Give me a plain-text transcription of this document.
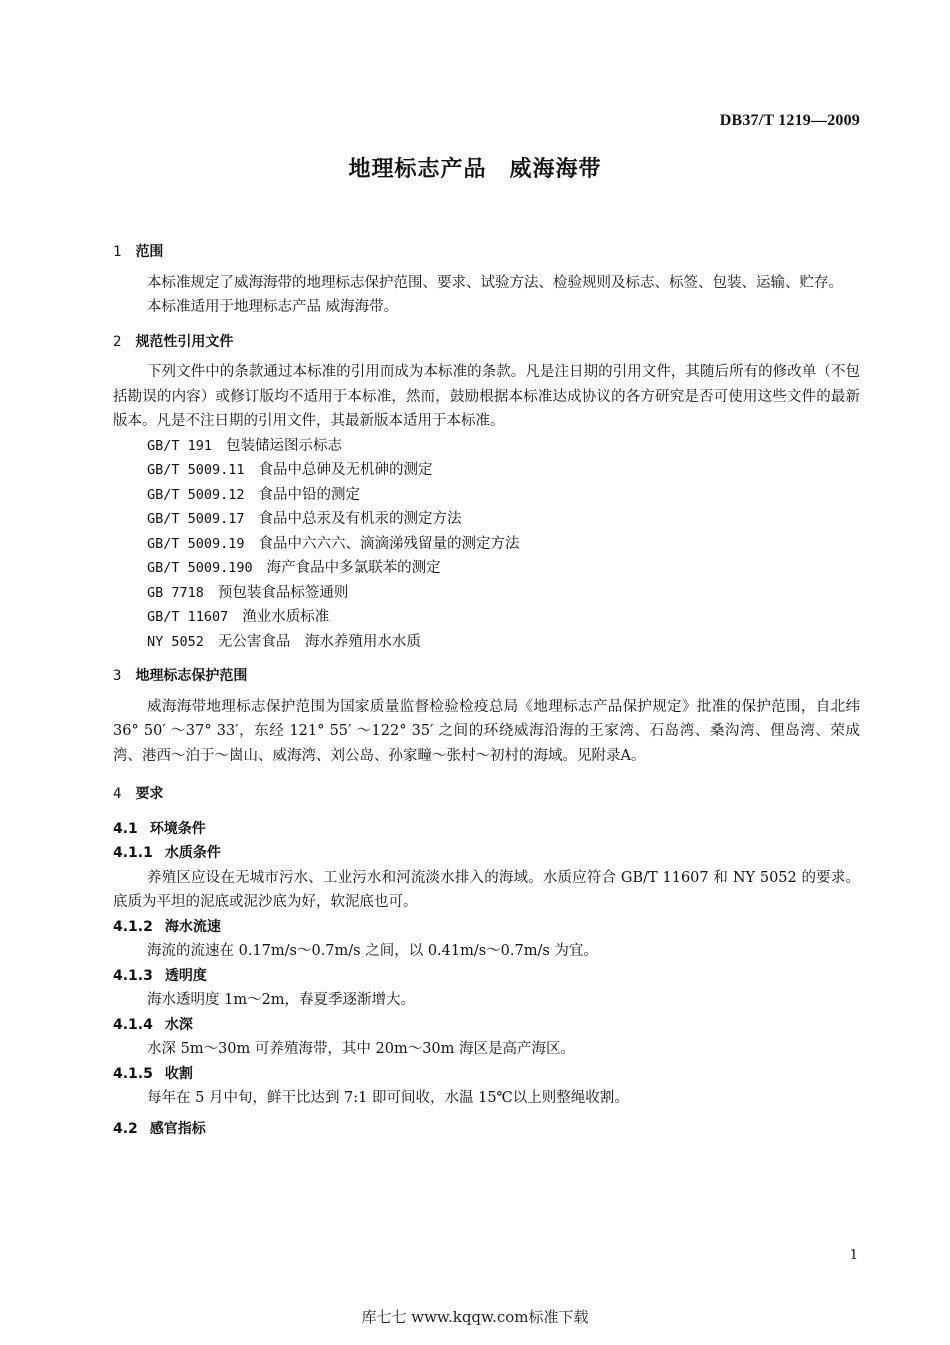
DB37/T 1219—2009
地理标志产品　威海海带
1 范围
本标准规定了威海海带的地理标志保护范围、要求、试验方法、检验规则及标志、标签、包装、运输、贮存。
本标准适用于地理标志产品 威海海带。
2 规范性引用文件
下列文件中的条款通过本标准的引用而成为本标准的条款。凡是注日期的引用文件，其随后所有的修改单（不包括勘误的内容）或修订版均不适用于本标准，然而，鼓励根据本标准达成协议的各方研究是否可使用这些文件的最新版本。凡是不注日期的引用文件，其最新版本适用于本标准。
GB/T 191 包装储运图示标志
GB/T 5009.11 食品中总砷及无机砷的测定
GB/T 5009.12 食品中铅的测定
GB/T 5009.17 食品中总汞及有机汞的测定方法
GB/T 5009.19 食品中六六六、滴滴涕残留量的测定方法
GB/T 5009.190 海产食品中多氯联苯的测定
GB 7718 预包装食品标签通则
GB/T 11607 渔业水质标准
NY 5052 无公害食品　海水养殖用水水质
3 地理标志保护范围
威海海带地理标志保护范围为国家质量监督检验检疫总局《地理标志产品保护规定》批准的保护范围，自北纬 36° 50′ ～37° 33′，东经 121° 55′ ～122° 35′ 之间的环绕威海沿海的王家湾、石岛湾、桑沟湾、俚岛湾、荣成湾、港西～泊于～崮山、威海湾、刘公岛、孙家疃～张村～初村的海域。见附录A。
4 要求
4.1 环境条件
4.1.1 水质条件
养殖区应设在无城市污水、工业污水和河流淡水排入的海域。水质应符合 GB/T 11607 和 NY 5052 的要求。底质为平坦的泥底或泥沙底为好，软泥底也可。
4.1.2 海水流速
海流的流速在 0.17m/s～0.7m/s 之间，以 0.41m/s～0.7m/s 为宜。
4.1.3 透明度
海水透明度 1m～2m，春夏季逐渐增大。
4.1.4 水深
水深 5m～30m 可养殖海带，其中 20m～30m 海区是高产海区。
4.1.5 收割
每年在 5 月中旬，鲜干比达到 7:1 即可间收，水温 15℃以上则整绳收割。
4.2 感官指标
1
库七七 www.kqqw.com标准下载
